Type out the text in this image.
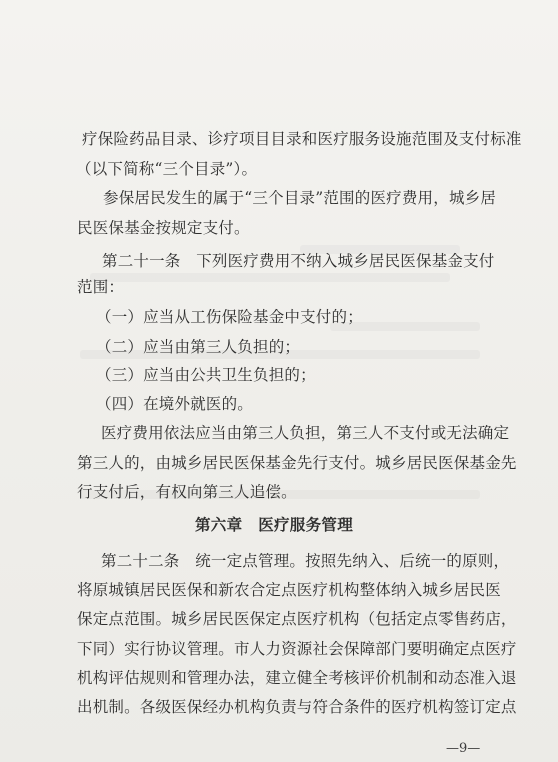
疗保险药品目录、诊疗项目目录和医疗服务设施范围及支付标准
（以下简称“三个目录”）。
参保居民发生的属于“三个目录”范围的医疗费用，城乡居
民医保基金按规定支付。
第二十一条　下列医疗费用不纳入城乡居民医保基金支付
范围：
（一）应当从工伤保险基金中支付的；
（二）应当由第三人负担的；
（三）应当由公共卫生负担的；
（四）在境外就医的。
医疗费用依法应当由第三人负担，第三人不支付或无法确定
第三人的，由城乡居民医保基金先行支付。城乡居民医保基金先
行支付后，有权向第三人追偿。
第六章　医疗服务管理
第二十二条　统一定点管理。按照先纳入、后统一的原则，
将原城镇居民医保和新农合定点医疗机构整体纳入城乡居民医
保定点范围。城乡居民医保定点医疗机构（包括定点零售药店，
下同）实行协议管理。市人力资源社会保障部门要明确定点医疗
机构评估规则和管理办法，建立健全考核评价机制和动态准入退
出机制。各级医保经办机构负责与符合条件的医疗机构签订定点
—9—
